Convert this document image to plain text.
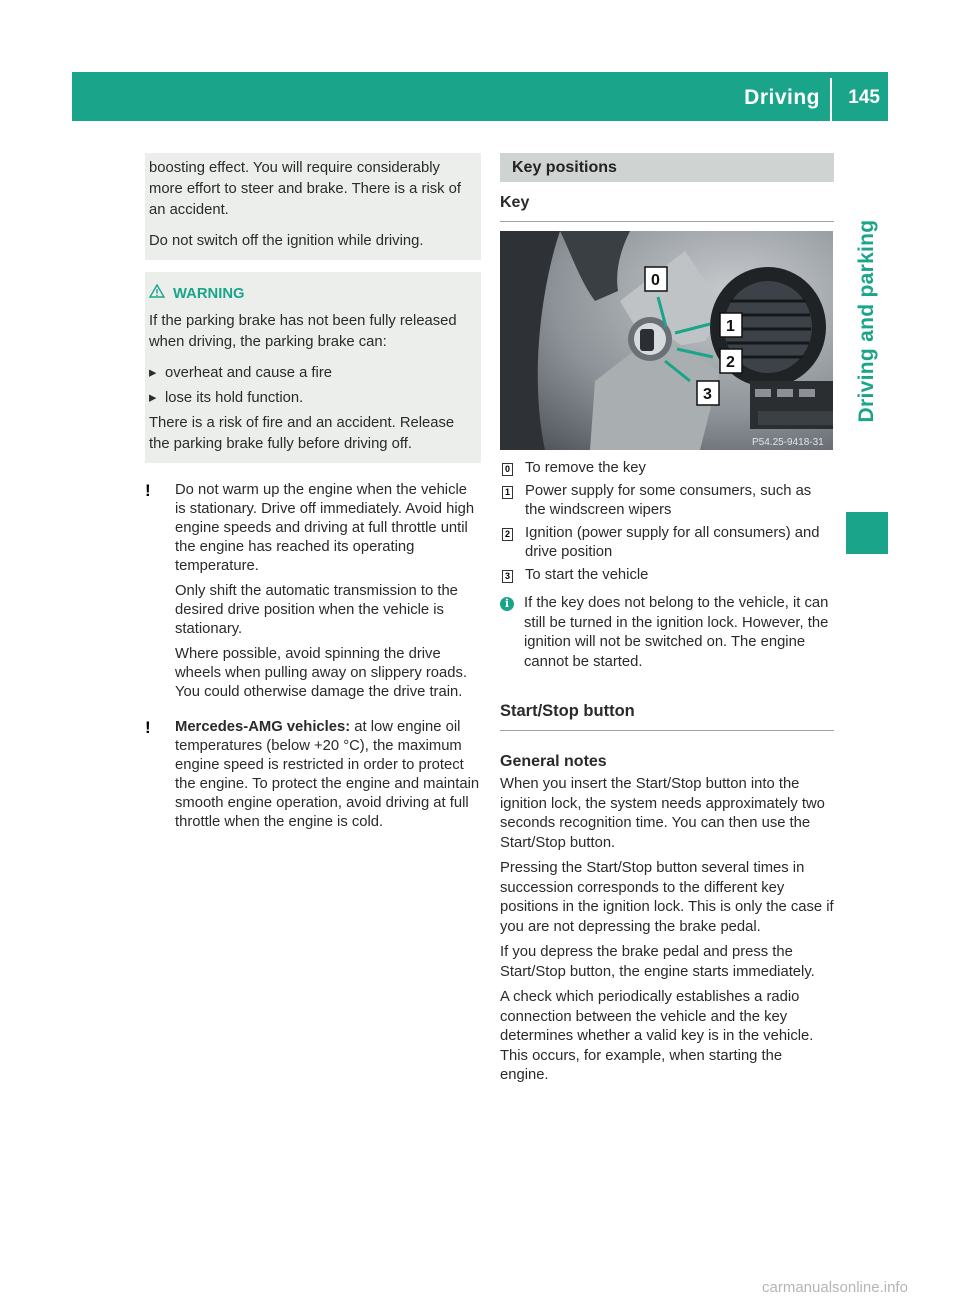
Driving 145
Driving and parking

boosting effect. You will require considerably more effort to steer and brake. There is a risk of an accident.

Do not switch off the ignition while driving.

WARNING

If the parking brake has not been fully released when driving, the parking brake can:

▸ overheat and cause a fire

▸ lose its hold function.

There is a risk of fire and an accident. Release the parking brake fully before driving off.

!	Do not warm up the engine when the vehicle is stationary. Drive off immediately. Avoid high engine speeds and driving at full throttle until the engine has reached its operating temperature.

Only shift the automatic transmission to the desired drive position when the vehicle is stationary.

Where possible, avoid spinning the drive wheels when pulling away on slippery roads. You could otherwise damage the drive train.

!	Mercedes-AMG vehicles: at low engine oil temperatures (below +20 °C), the maximum engine speed is restricted in order to protect the engine. To protect the engine and maintain smooth engine operation, avoid driving at full throttle when the engine is cold.

Key positions
Key
0
1
2
3
P54.25-9418-31
0 To remove the key
1 Power supply for some consumers, such as the windscreen wipers
2 Ignition (power supply for all consumers) and drive position
3 To start the vehicle
i	If the key does not belong to the vehicle, it can still be turned in the ignition lock. However, the ignition will not be switched on. The engine cannot be started.
Start/Stop button
General notes

When you insert the Start/Stop button into the ignition lock, the system needs approximately two seconds recognition time. You can then use the Start/Stop button.

Pressing the Start/Stop button several times in succession corresponds to the different key positions in the ignition lock. This is only the case if you are not depressing the brake pedal.

If you depress the brake pedal and press the Start/Stop button, the engine starts immediately.

A check which periodically establishes a radio connection between the vehicle and the key determines whether a valid key is in the vehicle. This occurs, for example, when starting the engine.

carmanualsonline.info
